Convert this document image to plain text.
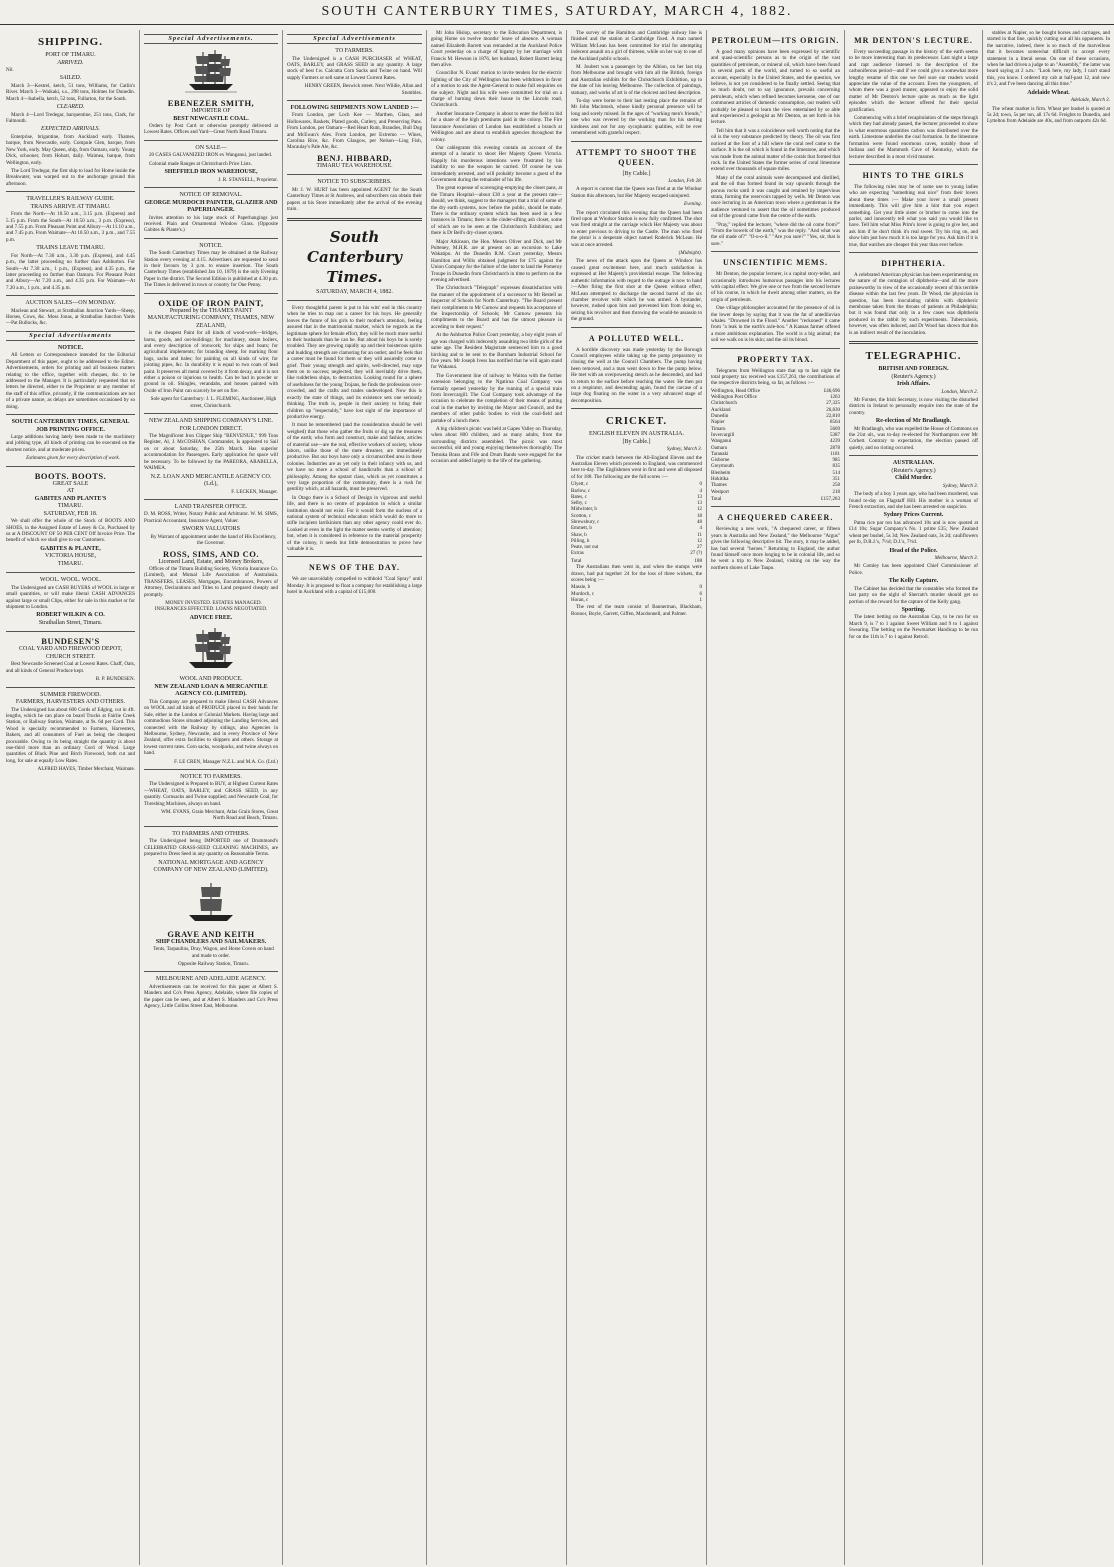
SOUTH CANTERBURY TIMES, SATURDAY, MARCH 4, 1882.
SHIPPING.
PORT OF TIMARU.
ARRIVED.

Nil.

SAILED.

March 3—Kestrel, ketch, 51 tons, Williams, for Catlin's River. March 3—Waikaki, s.s., 298 tons, Holmes for Dunedin. March 4—Isabella, ketch, 52 tons, Fullarton, for the South.

CLEARED.

March 4—Lord Tredegar, barquentine, 251 tons, Clark, for Falmouth.

EXPECTED ARRIVALS.

Enterprise, brigantine, from Auckland early. Thames, barque, from Newcastle, early. Compule Glen, barque, from New York, early. May Queen, ship, from Oamaru, early. Young Dick, schooner, from Hobart, daily. Waimea, barque, from Wellington, early.

The Lord Tredegar, the first ship to load for Home inside the Breakwater, was warped out to the anchorage ground this afternoon.

TRAVELLER'S RAILWAY GUIDE.
TRAINS ARRIVE AT TIMARU.

From the North—At 10.50 a.m., 3.15 p.m. (Express) and 5.15 p.m. From the South—At 10.50 a.m., 3 p.m. (Express), and 7.55 p.m. From Pleasant Point and Albury—At 11.10 a.m., and 7.45 p.m. From Waimate—At 10.50 a.m., 3 p.m., and 7.55 p.m.

TRAINS LEAVE TIMARU.

For North—At 7.30 a.m., 3.30 p.m. (Express), and 4.45 p.m., the latter proceeding no further than Ashburton. For South—At 7.30 a.m., 1 p.m., (Express), and 4.35 p.m., the latter proceeding no further than Oamaru. For Pleasant Point and Albury—At 7.20 a.m., and 4.35 p.m. For Waimate—At 7.20 a.m., 1 p.m., and 4.35 p.m.

AUCTION SALES—ON MONDAY.

Maclean and Stewart, at Strathallan Junction Yards—Sheep, Horses, Cows, &c. Moss Jonas, at Strathallan Junction Yards—Pat Bullocks, &c.

Special Advertisements
NOTICE.

All Letters or Correspondence intended for the Editorial Department of this paper, ought to be addressed to the Editor. Advertisements, orders for printing and all business matters relating to the office, together with cheques, &c. to be addressed to the Manager. It is particularly requested that no letters be directed, either to the Proprietor or any member of the staff of this office, privately, if the communications are not of a private nature, as delays are sometimes occasioned by so doing.

SOUTH CANTERBURY TIMES, GENERAL JOB PRINTING OFFICE.

Large additions having lately been made to the machinery and jobbing type, all kinds of printing can be executed on the shortest notice, and at moderate prices.

Estimates given for every description of work.

BOOTS. BOOTS.
GREAT SALE
AT
GABITES AND PLANTE'S
TIMARU.
SATURDAY, FEB 18.

We shall offer the whole of the Stock of BOOTS AND SHOES, in the Assigned Estate of Leney & Co, Purchased by us at A DISCOUNT OF 50 PER CENT Off Invoice Price. The benefit of which we shall give to our Customers.

GABITES & PLANTE,
VICTORIA HOUSE,
TIMARU.
WOOL. WOOL. WOOL.

The Undersigned are CASH BUYERS of WOOL in large or small quantities, or will make liberal CASH ADVANCES against large or small Clips, either for sale in this market or for shipment to London.

ROBERT WILKIN & CO.
Strathallan Street, Timaru.
BUNDESEN'S
COAL YARD AND FIREWOOD DEPOT, CHURCH STREET.

Best Newcastle Screened Coal at Lowest Rates. Chaff, Oats, and all kinds of General Produce kept.

B. P. BUNDESEN.

SUMMER FIREWOOD.
FARMERS, HARVESTERS AND OTHERS.

The Undersigned has about 600 Cords of Edging, cut in 4ft. lengths, which he can place on board Trucks at Fairlie Creek Station, or Railway Station, Waimate, at 9s. 6d per Cord. This Wood is specially recommended to Farmers, Harvesters, Bakers, and all consumers of Fuel as being the cheapest procurable. Owing to its being straight the quantity is about one-third more than an ordinary Cord of Wood. Large quantities of Black Pine and Birch Firewood, both cut and long, for sale at equally Low Rates.

ALFRED HAYES, Timber Merchant, Waimate.

Special Advertisements.
EBENEZER SMITH,
IMPORTER OF
BEST NEWCASTLE COAL.

Orders by Post Card or otherwise promptly delivered at Lowest Rates. Offices and Yard—Great North Road Timaru.

ON SALE—

20 CASES GALVANIZED IRON ex Wanganui, just landed.

Colonial made Ranges at Christchurch Price Lists.

SHEFFIELD IRON WAREHOUSE,

J. R. STANSELL, Proprietor.

NOTICE OF REMOVAL.
GEORGE MURDOCH PAINTER, GLAZIER AND PAPERHANGER.

Invites attention to his large stock of Paperhangings just received. Plain and Ornamental Window Glass. (Opposite Gabites & Plante's.)

NOTICE.

The South Canterbury Times may be obtained at the Railway Station every evening at 4.15. Advertisers are requested to send in their favours by 3 p.m. to ensure insertion. The South Canterbury Times (established Jan 10, 1879) is the only Evening Paper in the district. The Second Edition is published at 4.30 p.m. The Times is delivered in town or country for One Penny.

OXIDE OF IRON PAINT,
Prepared by the THAMES PAINT MANUFACTURING COMPANY, THAMES, NEW ZEALAND,

is the cheapest Paint for all kinds of wood-work—bridges, barns, goods, and out-buildings; for machinery, steam boilers, and every description of ironwork; for ships and boats; for agricultural implements; for branding sheep; for marking floor bags, sacks and bales; for painting on all kinds of wire; for jointing pipes, &c. In durability it is equal to two coats of lead paint. It preserves all metal covered by it from decay, and it is not either a poison or injurious to health. Can be had in powder or ground in oil. Shingles, verandahs, and houses painted with Oxide of Iron Paint can scarcely be set on fire.

Sole agent for Canterbury: J. L. FLEMING, Auctioneer, High street, Christchurch.

NEW ZEALAND SHIPPING COMPANY'S LINE.
FOR LONDON DIRECT.

The Magnificent Iron Clipper Ship "BENVENUE," 999 Tons Register, Al, J. McCOSHAN, Commander, Is appointed to Sail on or about Saturday, the 25th March. Has superior accommodation for Passengers. Early application for space will be necessary. To be followed by the PAREORA, ARABELLA, WAIMEA.

N.Z. LOAN AND MERCANTILE AGENCY CO. (Ld.),

F. LECKEN, Manager.

LAND TRANSFER OFFICE.

D. M. ROSS, Writer, Notary Public and Arbitrator. W. M. SIMS, Practical Accountant, Insurance Agent, Valuer.

SWORN VALUATORS

By Warrant of appointment under the hand of His Excellency, the Governor.

ROSS, SIMS, AND CO.
Licensed Land, Estate, and Money Brokers,

Offices of the Timaru Building Society, Victoria Insurance Co. (Limited), and Mutual Life Association of Australasia. TRANSFERS, LEASES, Mortgages, Encumbrances, Powers of Attorney, Declarations and Titles to Land prepared cheaply and promptly.

MONEY INVESTED. ESTATES MANAGED. INSURANCES EFFECTED. LOANS NEGOTIATED.

ADVICE FREE.
WOOL AND PRODUCE.
NEW ZEALAND LOAN & MERCANTILE AGENCY CO. (LIMITED).

This Company are prepared to make liberal CASH Advances on WOOL and all kinds of PRODUCE placed in their hands for Sale, either in the London or Colonial Markets. Having large and commodious Stores situated adjoining the Landing Services, and connected with the Railway by sidings, also Agencies in Melbourne, Sydney, Newcastle, and in every Province of New Zealand, offer extra facilities to shippers and others. Storage at lowest current rates. Corn sacks, woolpacks, and twine always on hand.

F. LE CREN, Manager N.Z.L. and M.A. Co. (Ltd.)

NOTICE TO FARMERS.

The Undersigned is Prepared to BUY, at Highest Current Rates—WHEAT, OATS, BARLEY, and GRASS SEED, in any quantity. Cornsacks and Twine supplied; and Newcastle Coal, for Threshing Machines, always on hand.

WM. EVANS, Grain Merchant, Atlas Grain Stores, Great North Road and Beach, Timaru.

TO FARMERS AND OTHERS.

The Undersigned being IMPORTED one of Drummond's CELEBRATED GRASS-SEED CLEANING MACHINES, are prepared to Dress Seed in any quantity on Reasonable Terms.

NATIONAL MORTGAGE AND AGENCY COMPANY OF NEW ZEALAND (LIMITED).
GRAVE AND KEITH
SHIP CHANDLERS AND SAILMAKERS.

Tents, Tarpaulins, Dray, Wagon, and Horse Covers on hand and made to order.

Opposite Railway Station, Timaru.

MELBOURNE AND ADELAIDE AGENCY.

Advertisements can be received for this paper at Albert S. Manders and Co's Press Agency, Adelaide, where file copies of the paper can be seen, and at Albert S. Manders and Co's Press Agency, Little Collins Street East, Melbourne.

Special Advertisements
TO FARMERS.

The Undersigned is a CASH PURCHASER of WHEAT, OATS, BARLEY, and GRASS SEED in any quantity. A large stock of best f.w. Calcutta Corn Sacks and Twine on hand. Will supply Farmers or sell same at Lowest Current Rates.

HENRY GREEN, Beswick street. Next Wildie, Allan and Stumbles.

FOLLOWING SHIPMENTS NOW LANDED :—

From London, per Loch Kee — Marthen, Glass, and Hollowares, Baskets, Plated goods, Cutlery, and Preserving Pans. From London, per Oamaru—Red Heart Rum, Brandies, Bull Dog and McEwan's Ales. From London, per Extremo — Wines, Carolina Rice, &c. From Glasgow, per Nelson—Ling Fish, Macaulay's Pale Ale, &c.

BENJ. HIBBARD,
TIMARU TEA WAREHOUSE.
NOTICE TO SUBSCRIBERS.

Mr J. W. HURT has been appointed AGENT for the South Canterbury Times at St Andrews, and subscribers can obtain their papers at his Store immediately after the arrival of the evening train.

South Canterbury Times.
SATURDAY, MARCH 4, 1882.

Every thoughtful parent is put to his wits' end in this country when he tries to map out a career for his boys. He generally leaves the future of his girls to their mother's attention, feeling assured that in the matrimonial market, which he regards as the legitimate sphere for female effort, they will be much more useful to their husbands than he can be. But about his boys he is sorely troubled. They are growing rapidly up and their boisterous spirits and budding strength are clamoring for an outlet; and he feels that a career must be found for them or they will assuredly come to grief. Their young strength and spirits, well-directed, may urge them on to success; neglected, they will inevitably drive them, like rudderless ships, to destruction. Looking round for a sphere of usefulness for the young Trojans, he finds the professions over-crowded, and the crafts and trades undeveloped. Now this is exactly the state of things, and its existence sets one seriously thinking. The truth is, people in their anxiety to bring their children up "respectably," have lost sight of the importance of productive energy.

It must be remembered (and the consideration should be well weighed) that those who gather the fruits or dig up the treasures of the earth; who form and construct, make and fashion, articles of material use—are the real, effective workers of society, whose labors, unlike those of the mere dreamer, are immediately productive. But our boys have only a circumscribed area in these colonies. Industries are as yet only in their infancy with us, and we have no more a school of handicrafts than a school of philosophy. Among the upstart class, which as yet constitutes a very large proportion of the community, there is a rush for gentility which, at all hazards, must be preserved.

In Otago there is a School of Design in vigorous and useful life, and there is no centre of population in which a similar institution should not exist. For it would form the nucleus of a national system of technical education which would do more to stifle incipient larrikinism than any other agency could ever do. Looked at even in the light the matter seems worthy of attention; but, when it is considered in reference to the material prosperity of the colony, it needs but little demonstration to prove how valuable it is.

NEWS OF THE DAY.

We are unavoidably compelled to withhold "Coal Spray" until Monday. It is proposed to float a company for establishing a large hotel in Auckland with a capital of £15,000.

Mr John Hislop, secretary to the Education Department, is going Home on twelve months' leave of absence. A woman named Elizabeth Barrett was remanded at the Auckland Police Court yesterday on a charge of bigamy by her marriage with Francis M. Hewson in 1876, her husband, Robert Barrett being then alive.

Councillor N. Evans' motion to invite tenders for the electric lighting of the City of Wellington has been withdrawn in favor of a motion to ask the Agent-General to make full enquiries on the subject. Night and his wife were committed for trial on a charge of burning down their house in the Lincoln road, Christchurch.

Another Insurance Company is about to enter the field to bid for a share of the high premiums paid in the colony. The Fire Insurance Association of London has established a branch at Wellington and are about to establish agencies throughout the colony.

Our cablegrams this evening contain an account of the attempt of a lunatic to shoot Her Majesty Queen Victoria. Happily his murderous intentions were frustrated by his inability to use the weapon he carried. Of course he was immediately arrested, and will probably become a guest of the Government during the remainder of his life.

The great expense of scavenging-emptying the closet pans, at the Timaru Hospital—about £30 a year at the present rate—should, we think, suggest to the managers that a trial of some of the dry earth systems, now before the public, should be made. There is the ordinary system which has been used in a few instances in Timaru; there is the cinder-sifting ash closet, some of which are to be seen at the Christchurch Exhibition; and there is Dr Bell's dry-closet system.

Major Atkinson, the Hon. Messrs Oliver and Dick, and Mr Pulteney, M.H.R. are at present on an excursion to Lake Wakatipu. At the Dunedin R.M. Court yesterday, Messrs Hamilton and Willis obtained judgment for £75 against the Union Company for the failure of the latter to land the Pomeroy Troupe in Dunedin from Christchurch in time to perform on the evening advertised.

The Christchurch "Telegraph" expresses dissatisfaction with the manner of the appointment of a successor to Mr Restell as Inspector of Schools for North Canterbury. "The Board present their compliments to Mr Curnow and requests his acceptance of the Inspectorship of Schools; Mr Curnow presents his compliments to the Board and has the utmost pleasure in acceding to their request."

At the Ashburton Police Court yesterday, a boy eight years of age was charged with indecently assaulting two little girls of the same age. The Resident Magistrate sentenced him to a good birching and to be sent to the Burnham Industrial School for five years. Mr Joseph Ivess has notified that he will again stand for Wakanui.

The Government line of railway to Waitoa with the further extension belonging to the Ngatirua Coal Company was formally opened yesterday by the running of a special train from Invercargill. The Coal Company took advantage of the occasion to celebrate the completion of their means of putting coal in the market by inviting the Mayor and Council, and the members of other public bodies to visit the coal-field and partake of a lunch there.

A big children's picnic was held at Gapes Valley on Thursday, when about 800 children, and as many adults, from the surrounding districts assembled. The picnic was most successful, old and young enjoying themselves thoroughly. The Temuka Brass and Fife and Drum Bands were engaged for the occasion and added largely to the life of the gathering.

The survey of the Hamilton and Cambridge railway line is finished and the station at Cambridge fixed. A man named William McLean has been committed for trial for attempting indecent assault on a girl of thirteen, while on her way to one of the Auckland public schools.

M. Joubert was a passenger by the Albion, on her last trip from Melbourne and brought with him all the British, foreign and Australian exhibits for the Christchurch Exhibition, up to the date of his leaving Melbourne. The collection of paintings, statuary, and works of art is of the choicest and best description.

To-day were borne to their last resting place the remains of Mr John Macintosh, whose kindly personal presence will be long and sorely missed. In the ages of "working men's friends," one who was revered by the working man for his sterling kindness and not for any sycophantic qualities, will be ever remembered with grateful respect.

ATTEMPT TO SHOOT THE QUEEN.
[By Cable.]

London, Feb 28.

A report is current that the Queen was fired at at the Windsor Station this afternoon, but Her Majesty escaped uninjured.

Evening.

The report circulated this evening that the Queen had been fired upon at Windsor Station is now fully confirmed. The shot was fired straight at the carriage which Her Majesty was about to enter previous to driving to the Castle. The man who fired the pistol is a desperate object named Roderick McLean. He was at once arrested.

(Midnight).

The news of the attack upon the Queen at Windsor has caused great excitement here, and much satisfaction is expressed at Her Majesty's providential escape. The following authentic information with regard to the outrage is now to hand :—After firing the first shot at the Queen without effect, McLean attempted to discharge the second barrel of the six chamber revolver with which he was armed. A bystander, however, rushed upon him and prevented him from doing so, seizing his revolver and then throwing the would-be assassin to the ground.

A POLLUTED WELL.

A horrible discovery was made yesterday by the Borough Council employees while taking up the pump preparatory to closing the well at the Council Chambers. The pump having been removed, and a man went down to free the pump below. He met with an overpowering stench as he descended, and had to return to the surface before reaching the water. He then put on a respirator, and descending again, found the carcase of a large dog floating on the water in a very advanced stage of decomposition.

CRICKET.
ENGLISH ELEVEN IN AUSTRALIA.
[By Cable.]

Sydney, March 3.

The cricket match between the All-England Eleven and the Australian Eleven which proceeds to England, was commenced here to-day. The Englishmen went in first and were all disposed of for 188. The following are the full scores :—

Ulyett, c	0
Barlow, c	4
Bates, c	13
Selby, c	13
Midwinter, b	12
Scotton, c	18
Shrewsbury, c	48
Emmett, b	4
Shaw, b	11
Pilling, b	12
Peate, not out	27
Extras	27 (?)
Total	188

The Australians then went in, and when the stumps were drawn, had put together 24 for the loss of three wickets, the scores being :—

Massie, b	0
Murdoch, c	6
Horan, c	1

The rest of the team consist of Bannerman, Blackham, Bonnor, Boyle, Garrett, Giffen, Macdonnell, and Palmer.

PETROLEUM—ITS ORIGIN.

A good many opinions have been expressed by scientific and quasi-scientific persons as to the origin of the vast quantities of petroleum, or mineral oil, which have been found in several parts of the world, and turned to so useful an account, especially in the United States, and the question, we believe, is not yet considered to be finally settled. Seeing that so much doubt, not to say ignorance, prevails concerning petroleum, which when refined becomes kerosene, one of our commonest articles of domestic consumption, our readers will probably be pleased to learn the view entertained by so able and experienced a geologist as Mr Denton, as set forth in his lecture.

Tell him that it was a coincidence well worth noting that the oil is the very substance predicted by theory. The oil was first noticed at the foot of a hill where the coral reef came to the surface. It is the oil which is found in the limestone, and which was made from the animal matter of the corals that formed that rock. In the United States the former series of coral limestone extend over thousands of square miles.

Many of the coral animals were decomposed and distilled, and the oil thus formed found its way upwards through the porous rocks until it was caught and retained by impervious strata, forming the reservoirs tapped by wells. Mr Denton was once lecturing in an American town where a gentleman in the audience ventured to assert that the oil sometimes produced out of the ground came from the centre of the earth.

"Pray," replied the lecturer, "where did the oil come from?" "From the bowels of the earth," was the reply. "And what was the oil made of?" "O-o-o-il." "Are you sure?" "Yes, sir, that is sure."

UNSCIENTIFIC MEMS.

Mr Denton, the popular lecturer, is a capital story-teller, and occasionally introduces humorous passages into his lectures with capital effect. We give one or two from the second lecture of his course, in which he dwelt among other matters, on the origin of petroleum.

One village philosopher accounted for the presence of oil in the lower deeps by saying that it was the fat of antediluvian whales. "Drowned in the Flood." Another "reckoned" it came from "a leak in the earth's axle-box." A Kansas farmer offered a more ambitious explanation. The world is a big animal; the soil we walk on is its skin; and the oil its blood.

PROPERTY TAX.

Telegrams from Wellington state that up to last night the total property tax received was £157,263, the contributions of the respective districts being, so far, as follows :—

Wellington, Head Office	£46,696
Wellington Post Office	1263
Christchurch	27,325
Auckland	26,830
Dunedin	22,810
Napier	8564
Timaru	5669
Invercargill	5387
Wanganui	4239
Oamaru	2878
Taranaki	1181
Gisborne	985
Greymouth	835
Blenheim	514
Hokitika	351
Thames	258
Westport	218
Total	£157,263
A CHEQUERED CAREER.

Reviewing a new work, "A chequered career, or fifteen years in Australia and New Zealand," the Melbourne "Argus" gives the following descriptive bit. The story, it may be added, has had several "heroes." Returning to England, the author found himself once more longing to be in colonial life, and so he went a trip to New Zealand, visiting on the way the northern shores of Lake Taupo.

MR DENTON'S LECTURE.

Every succeeding passage in the history of the earth seems to be more interesting than its predecessor. Last night a large and rapt audience listened to the description of the carboniferous period—and if we could give a somewhat more lengthy resume of this one we feel sure our readers would appreciate the value of the account. Even the youngsters, of whom there was a good muster, appeared to enjoy the solid matter of Mr Denton's lecture quite as much as the light episodes which the lecturer offered for their special gratification.

Commencing with a brief recapitulation of the steps through which they had already passed, the lecturer proceeded to show in what enormous quantities carbon was distributed over the earth. Limestone underlies the coal formation. In the limestone formation were found enormous caves, notably those of Indiana and the Mammoth Cave of Kentucky, which the lecturer described in a most vivid manner.

HINTS TO THE GIRLS

The following rules may be of some use to young ladies who are expecting "something real nice" from their lovers about these times :— Make your lover a small present immediately. This will give him a hint that you expect something. Get your little sister or brother to come into the parlor, and innocently tell what you said you would like to have. Tell him what Miss Prim's lover is going to give her, and ask him if he don't think it's real sweet. Try his ring on, and show him just how much it is too large for you. Ask him if it is true, that watches are cheaper this year than ever before.

DIPHTHERIA.

A celebrated American physician has been experimenting on the nature of the contagion of diphtheria—and all the more praiseworthy in view of the occasionally recent of this terrible disease within the last few years. Dr Wood, the physician in question, has been inoculating rabbits with diphtheric membrane taken from the throats of patients at Philadelphia; but it was found that only in a few cases was diphtheria produced in the rabbit by such experiments. Tuberculosis, however, was often induced, and Dr Wood has shown that this is an indirect result of the inoculation.

TELEGRAPHIC.
BRITISH AND FOREIGN.
(Reuter's Agency.)
Irish Affairs.

London, March 2.

Mr Forster, the Irish Secretary, is now visiting the disturbed districts in Ireland to personally enquire into the state of the country.

Re-election of Mr Bradlaugh.

Mr Bradlaugh, who was expelled the House of Commons on the 21st ult., was to-day re-elected for Northampton over Mr Corbett. Contrary to expectation, the election passed off quietly, and no rioting occurred.

AUSTRALIAN.
(Reuter's Agency.)
Child Murder.

Sydney, March 3.

The body of a boy 3 years age, who had been murdered, was found to-day on Flagstaff Hill. His mother is a woman of French extraction, and she has been arrested on suspicion.

Sydney Prices Current.

Patna rice par ton has advanced 10s and is now quoted at £14 10s; Sugar Company's No. 1 prime £35; New Zealand wheat per bushel, 5s 3d; New Zealand oats, 3s 2d; cauliflowers per lb, D.R.J.'s, 7½d; D.J.'s, 7½d.

Head of the Police.

Melbourne, March 3.

Mr Comley has been appointed Chief Commissioner of Police.

The Kelly Capture.

The Cabinet has decided that the constables who formed the last party on the night of Sherratt's murder should get no portion of the reward for the capture of the Kelly gang.

Sporting.

The latest betting on the Australian Cup, to be run for on March 9, is 7 to 1 against Sweet William and 9 to 1 against Swearing. The betting on the Newmarket Handicap to be run for on the 11th is 7 to 1 against Retroil.

stables at Napier, so he bought horses and carriages, and started in that line, quickly cutting out all his opponents. In the narrative, indeed, there is so much of the marvellous that it becomes somewhat difficult to accept every statement in a literal sense. On one of these occasions, when he had driven a judge to an "Assembly," the latter was heard saying at 2 a.m.: "Look here, my lady, I can't stand this, you know. I ordered my cab at half-past 12, and now it's 2, and I've been dancing all this time."

Adelaide Wheat.

Adelaide, March 3.

The wheat market is firm. Wheat per bushel is quoted at 5s 2d; town, 5s per ton, all 17s 6d. Freights to Dunedin, and Lyttelton from Adelaide are 40s, and from outports 42s 6d.
